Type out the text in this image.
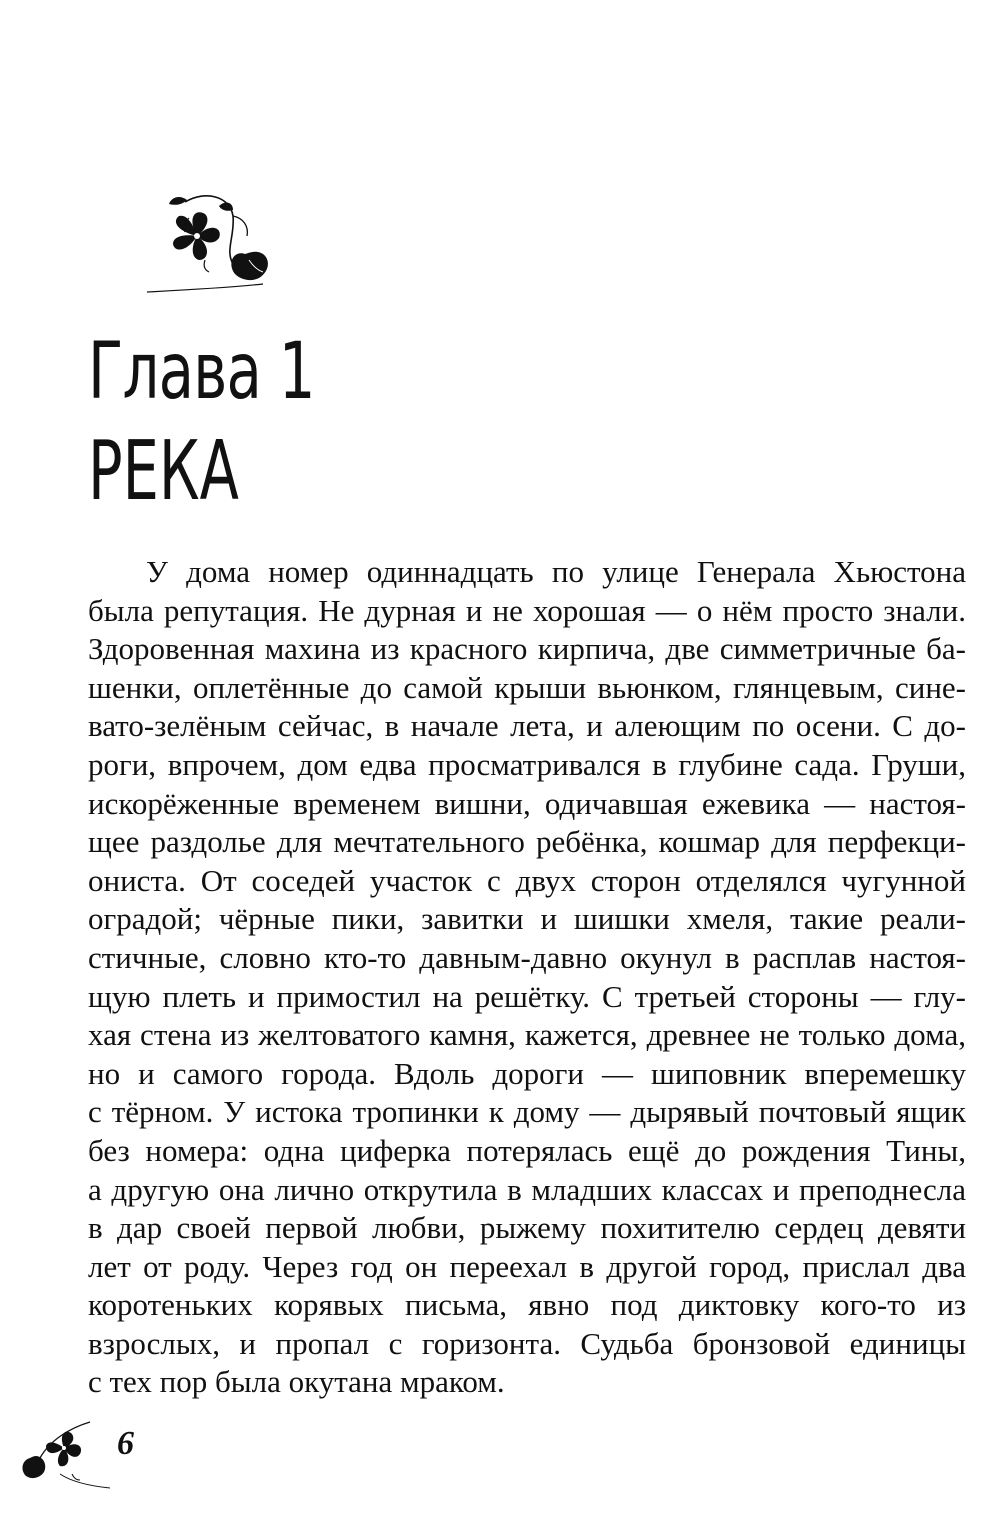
Глава 1
РЕКА
У дома номер одиннадцать по улице Генерала Хьюстона
была репутация. Не дурная и не хорошая — о нём просто знали.
Здоровенная махина из красного кирпича, две симметричные ба-
шенки, оплетённые до самой крыши вьюнком, глянцевым, сине-
вато-зелёным сейчас, в начале лета, и алеющим по осени. С до-
роги, впрочем, дом едва просматривался в глубине сада. Груши,
искорёженные временем вишни, одичавшая ежевика — настоя-
щее раздолье для мечтательного ребёнка, кошмар для перфекци-
ониста. От соседей участок с двух сторон отделялся чугунной
оградой; чёрные пики, завитки и шишки хмеля, такие реали-
стичные, словно кто-то давным-давно окунул в расплав настоя-
щую плеть и примостил на решётку. С третьей стороны — глу-
хая стена из желтоватого камня, кажется, древнее не только дома,
но и самого города. Вдоль дороги — шиповник вперемешку
с тёрном. У истока тропинки к дому — дырявый почтовый ящик
без номера: одна циферка потерялась ещё до рождения Тины,
а другую она лично открутила в младших классах и преподнесла
в дар своей первой любви, рыжему похитителю сердец девяти
лет от роду. Через год он переехал в другой город, прислал два
коротеньких корявых письма, явно под диктовку кого-то из
взрослых, и пропал с горизонта. Судьба бронзовой единицы
с тех пор была окутана мраком.
6
